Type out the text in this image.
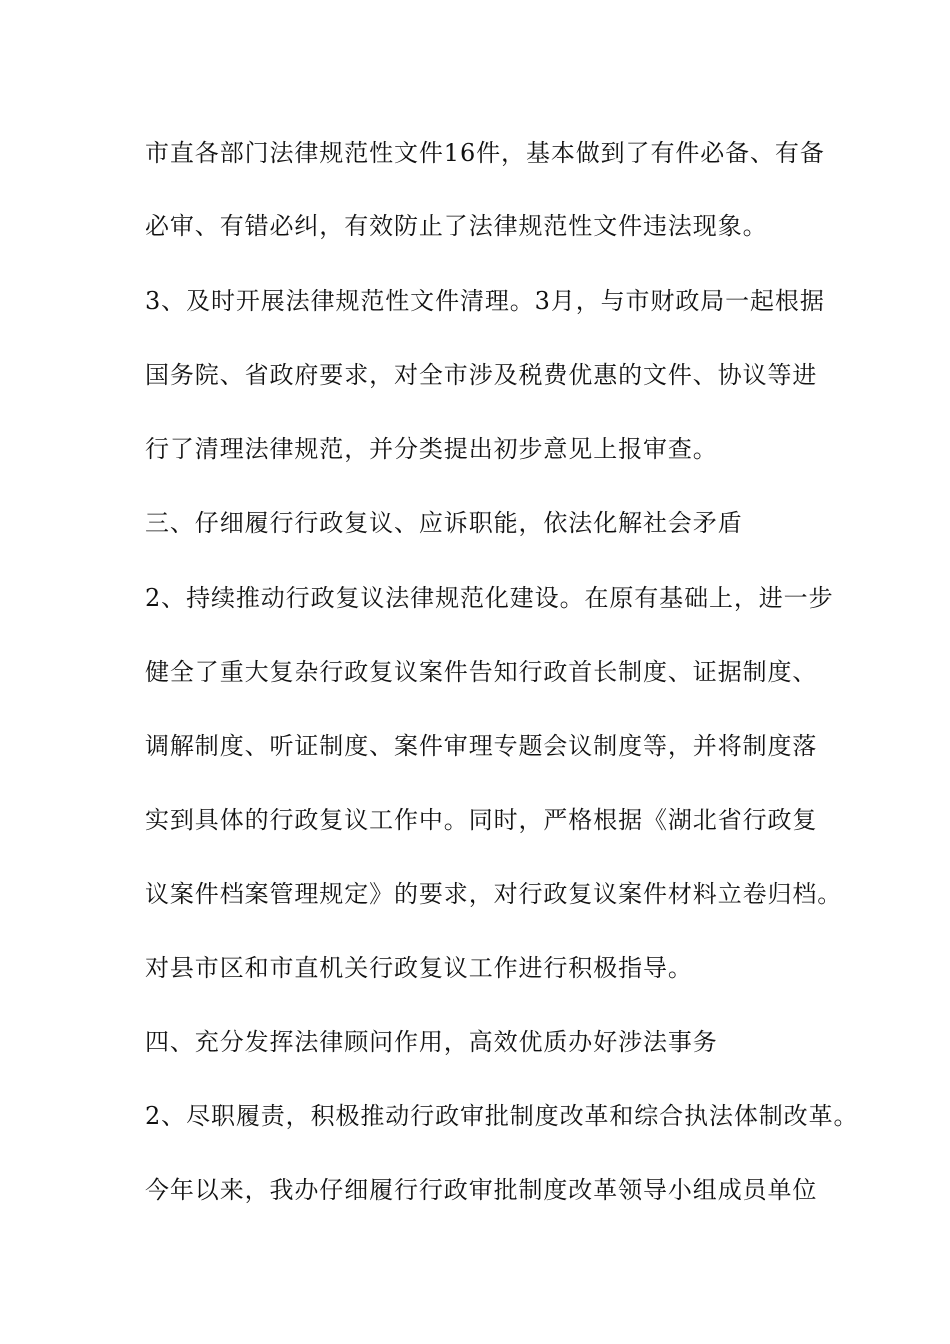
市直各部门法律规范性文件16件，基本做到了有件必备、有备
必审、有错必纠，有效防止了法律规范性文件违法现象。
3、及时开展法律规范性文件清理。3月，与市财政局一起根据
国务院、省政府要求，对全市涉及税费优惠的文件、协议等进
行了清理法律规范，并分类提出初步意见上报审查。
三、仔细履行行政复议、应诉职能，依法化解社会矛盾
2、持续推动行政复议法律规范化建设。在原有基础上，进一步
健全了重大复杂行政复议案件告知行政首长制度、证据制度、
调解制度、听证制度、案件审理专题会议制度等，并将制度落
实到具体的行政复议工作中。同时，严格根据《湖北省行政复
议案件档案管理规定》的要求，对行政复议案件材料立卷归档。
对县市区和市直机关行政复议工作进行积极指导。
四、充分发挥法律顾问作用，高效优质办好涉法事务
2、尽职履责，积极推动行政审批制度改革和综合执法体制改革。
今年以来，我办仔细履行行政审批制度改革领导小组成员单位
